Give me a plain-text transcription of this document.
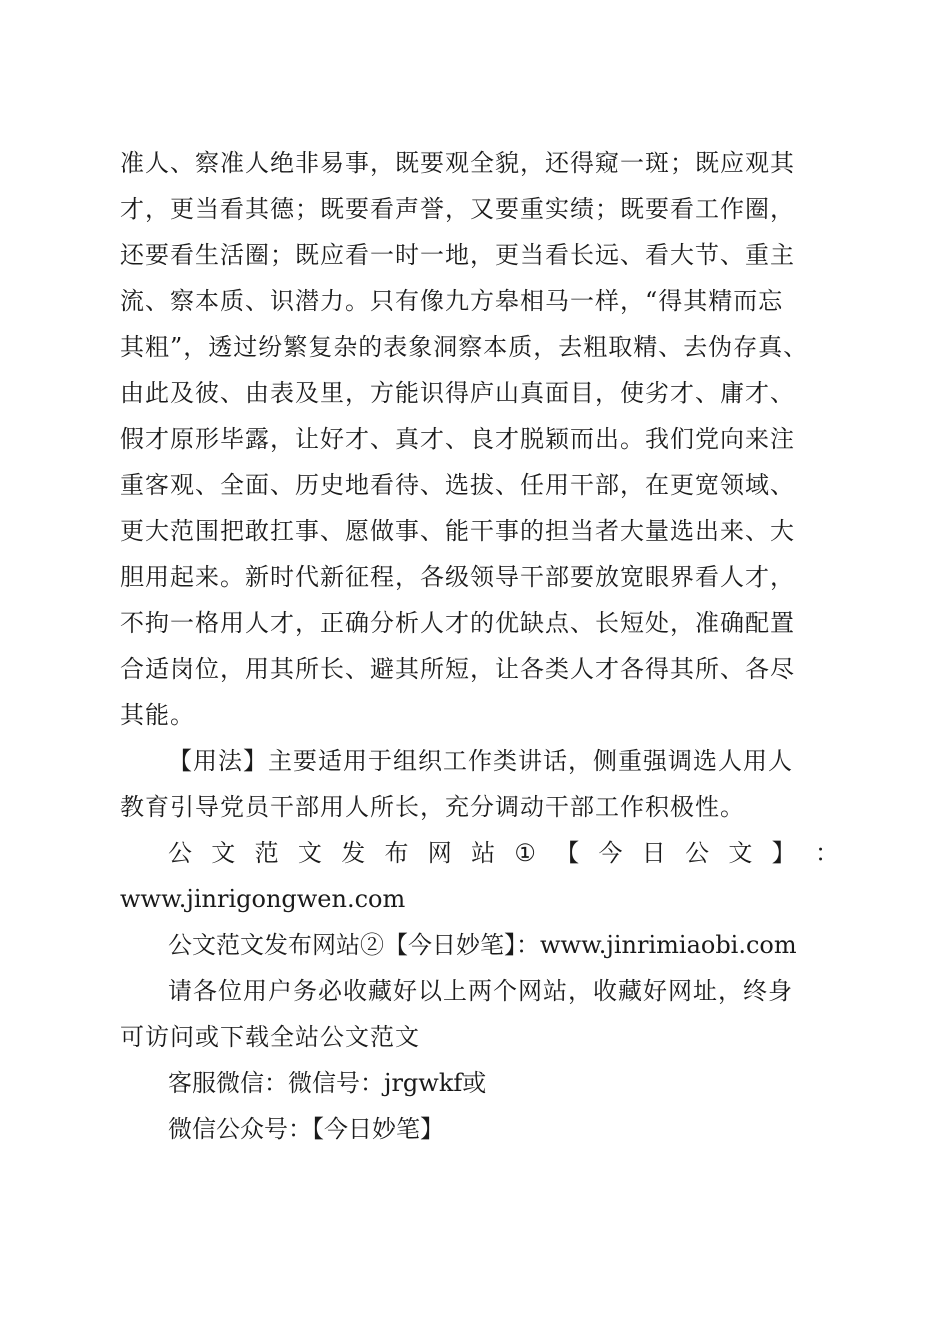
准人、察准人绝非易事，既要观全貌，还得窥一斑；既应观其
才，更当看其德；既要看声誉，又要重实绩；既要看工作圈，
还要看生活圈；既应看一时一地，更当看长远、看大节、重主
流、察本质、识潜力。只有像九方皋相马一样，“得其精而忘
其粗”，透过纷繁复杂的表象洞察本质，去粗取精、去伪存真、
由此及彼、由表及里，方能识得庐山真面目，使劣才、庸才、
假才原形毕露，让好才、真才、良才脱颖而出。我们党向来注
重客观、全面、历史地看待、选拔、任用干部，在更宽领域、
更大范围把敢扛事、愿做事、能干事的担当者大量选出来、大
胆用起来。新时代新征程，各级领导干部要放宽眼界看人才，
不拘一格用人才，正确分析人才的优缺点、长短处，准确配置
合适岗位，用其所长、避其所短，让各类人才各得其所、各尽
其能。
【用法】主要适用于组织工作类讲话，侧重强调选人用人
教育引导党员干部用人所长，充分调动干部工作积极性。
公 文 范 文 发 布 网 站 ① 【 今 日 公 文 】 ：
www.jinrigongwen.com
公文范文发布网站②【今日妙笔】：www.jinrimiaobi.com
请各位用户务必收藏好以上两个网站，收藏好网址，终身
可访问或下载全站公文范文
客服微信：微信号：jrgwkf或
微信公众号：【今日妙笔】
